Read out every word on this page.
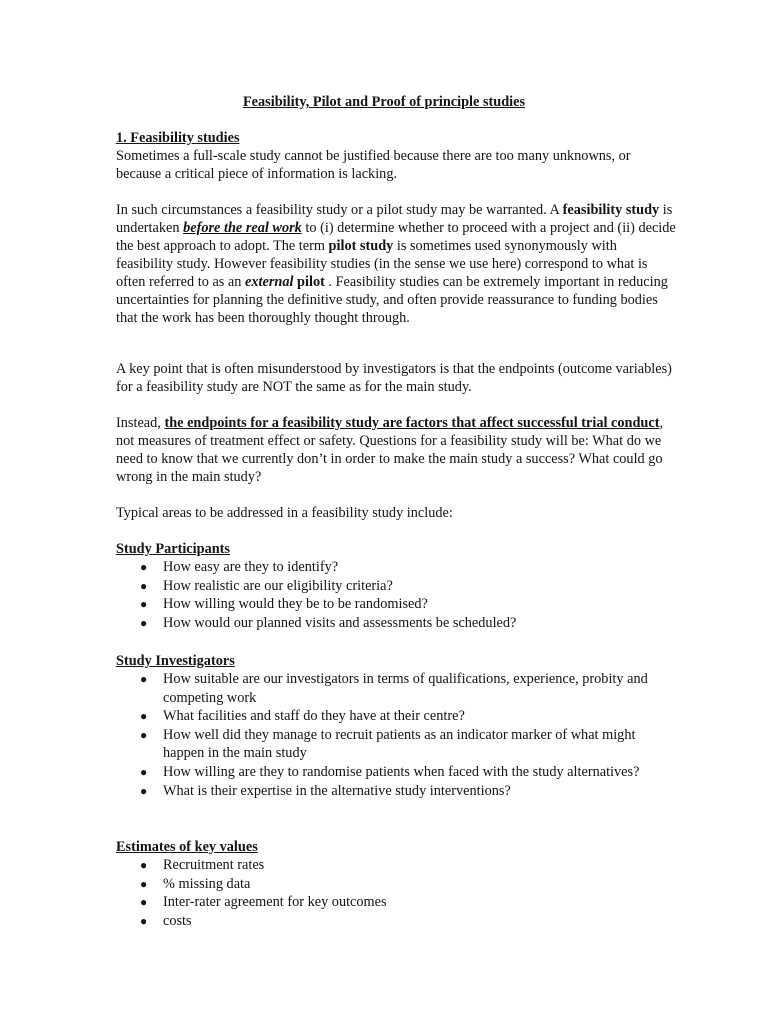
Feasibility, Pilot and Proof of principle studies
1. Feasibility studies

Sometimes a full-scale study cannot be justified because there are too many unknowns, or because a critical piece of information is lacking.

In such circumstances a feasibility study or a pilot study may be warranted. A feasibility study is undertaken before the real work to (i) determine whether to proceed with a project and (ii) decide the best approach to adopt. The term pilot study is sometimes used synonymously with feasibility study. However feasibility studies (in the sense we use here) correspond to what is often referred to as an external pilot . Feasibility studies can be extremely important in reducing uncertainties for planning the definitive study, and often provide reassurance to funding bodies that the work has been thoroughly thought through.

A key point that is often misunderstood by investigators is that the endpoints (outcome variables) for a feasibility study are NOT the same as for the main study.

Instead, the endpoints for a feasibility study are factors that affect successful trial conduct, not measures of treatment effect or safety. Questions for a feasibility study will be: What do we need to know that we currently don’t in order to make the main study a success? What could go wrong in the main study?

Typical areas to be addressed in a feasibility study include:

Study Participants
● How easy are they to identify?
● How realistic are our eligibility criteria?
● How willing would they be to be randomised?
● How would our planned visits and assessments be scheduled?
Study Investigators
● How suitable are our investigators in terms of qualifications, experience, probity and competing work
● What facilities and staff do they have at their centre?
● How well did they manage to recruit patients as an indicator marker of what might happen in the main study
● How willing are they to randomise patients when faced with the study alternatives?
● What is their expertise in the alternative study interventions?
Estimates of key values
● Recruitment rates
● % missing data
● Inter-rater agreement for key outcomes
● costs
